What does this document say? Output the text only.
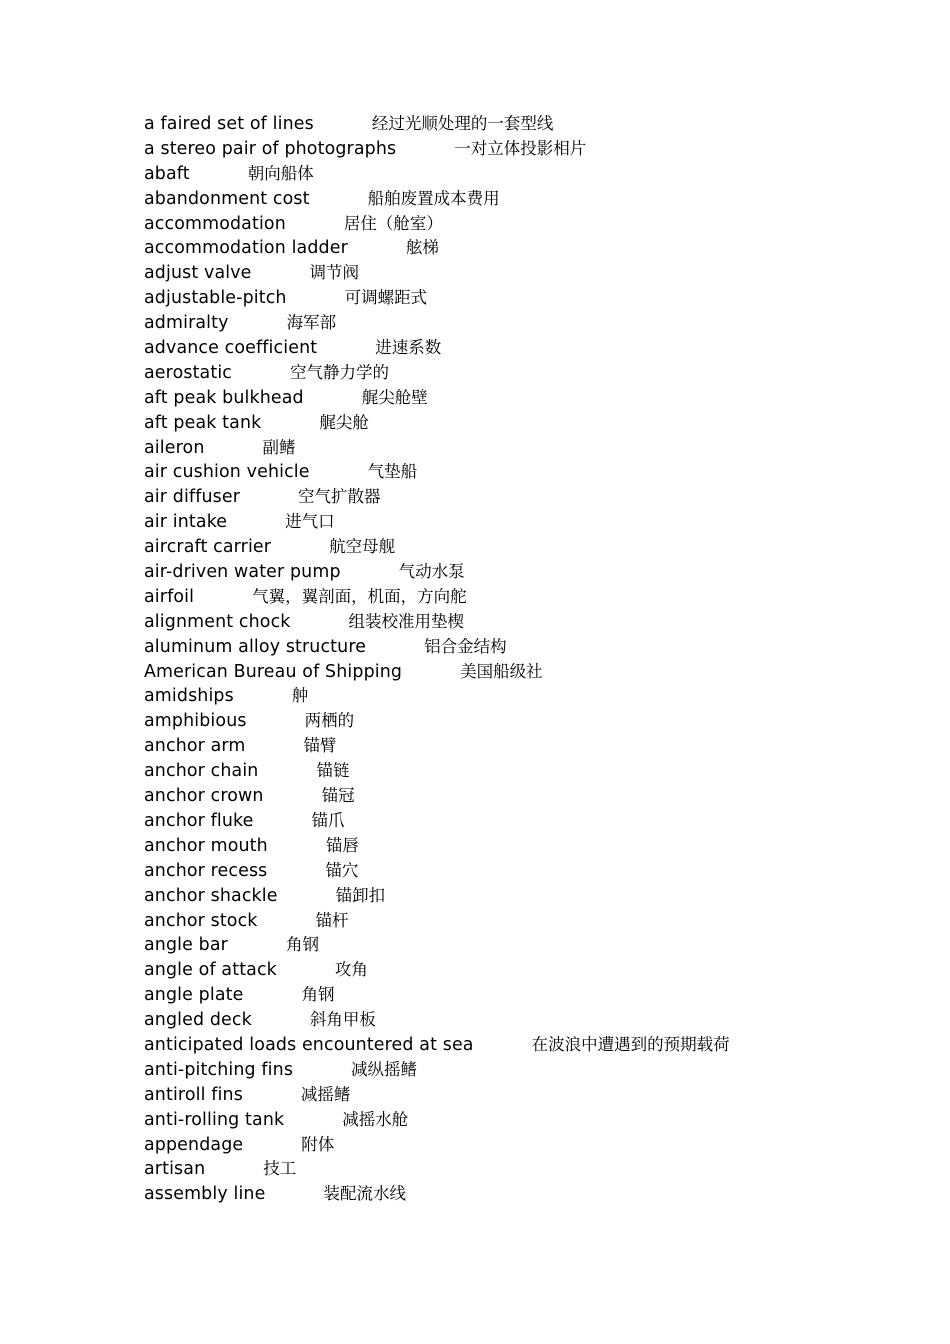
a faired set of lines	经过光顺处理的一套型线
a stereo pair of photographs	一对立体投影相片
abaft	朝向船体
abandonment cost	船舶废置成本费用
accommodation	居住（舱室）
accommodation ladder	舷梯
adjust valve	调节阀
adjustable-pitch	可调螺距式
admiralty	海军部
advance coefficient	进速系数
aerostatic	空气静力学的
aft peak bulkhead	艉尖舱壁
aft peak tank	艉尖舱
aileron	副鳍
air cushion vehicle	气垫船
air diffuser	空气扩散器
air intake	进气口
aircraft carrier	航空母舰
air-driven water pump	气动水泵
airfoil	气翼，翼剖面，机面，方向舵
alignment chock	组装校准用垫楔
aluminum alloy structure	铝合金结构
American Bureau of Shipping	美国船级社
amidships	舯
amphibious	两栖的
anchor arm	锚臂
anchor chain	锚链
anchor crown	锚冠
anchor fluke	锚爪
anchor mouth	锚唇
anchor recess	锚穴
anchor shackle	锚卸扣
anchor stock	锚杆
angle bar	角钢
angle of attack	攻角
angle plate	角钢
angled deck	斜角甲板
anticipated loads encountered at sea	在波浪中遭遇到的预期载荷
anti-pitching fins	减纵摇鳍
antiroll fins	减摇鳍
anti-rolling tank	减摇水舱
appendage	附体
artisan	技工
assembly line	装配流水线
